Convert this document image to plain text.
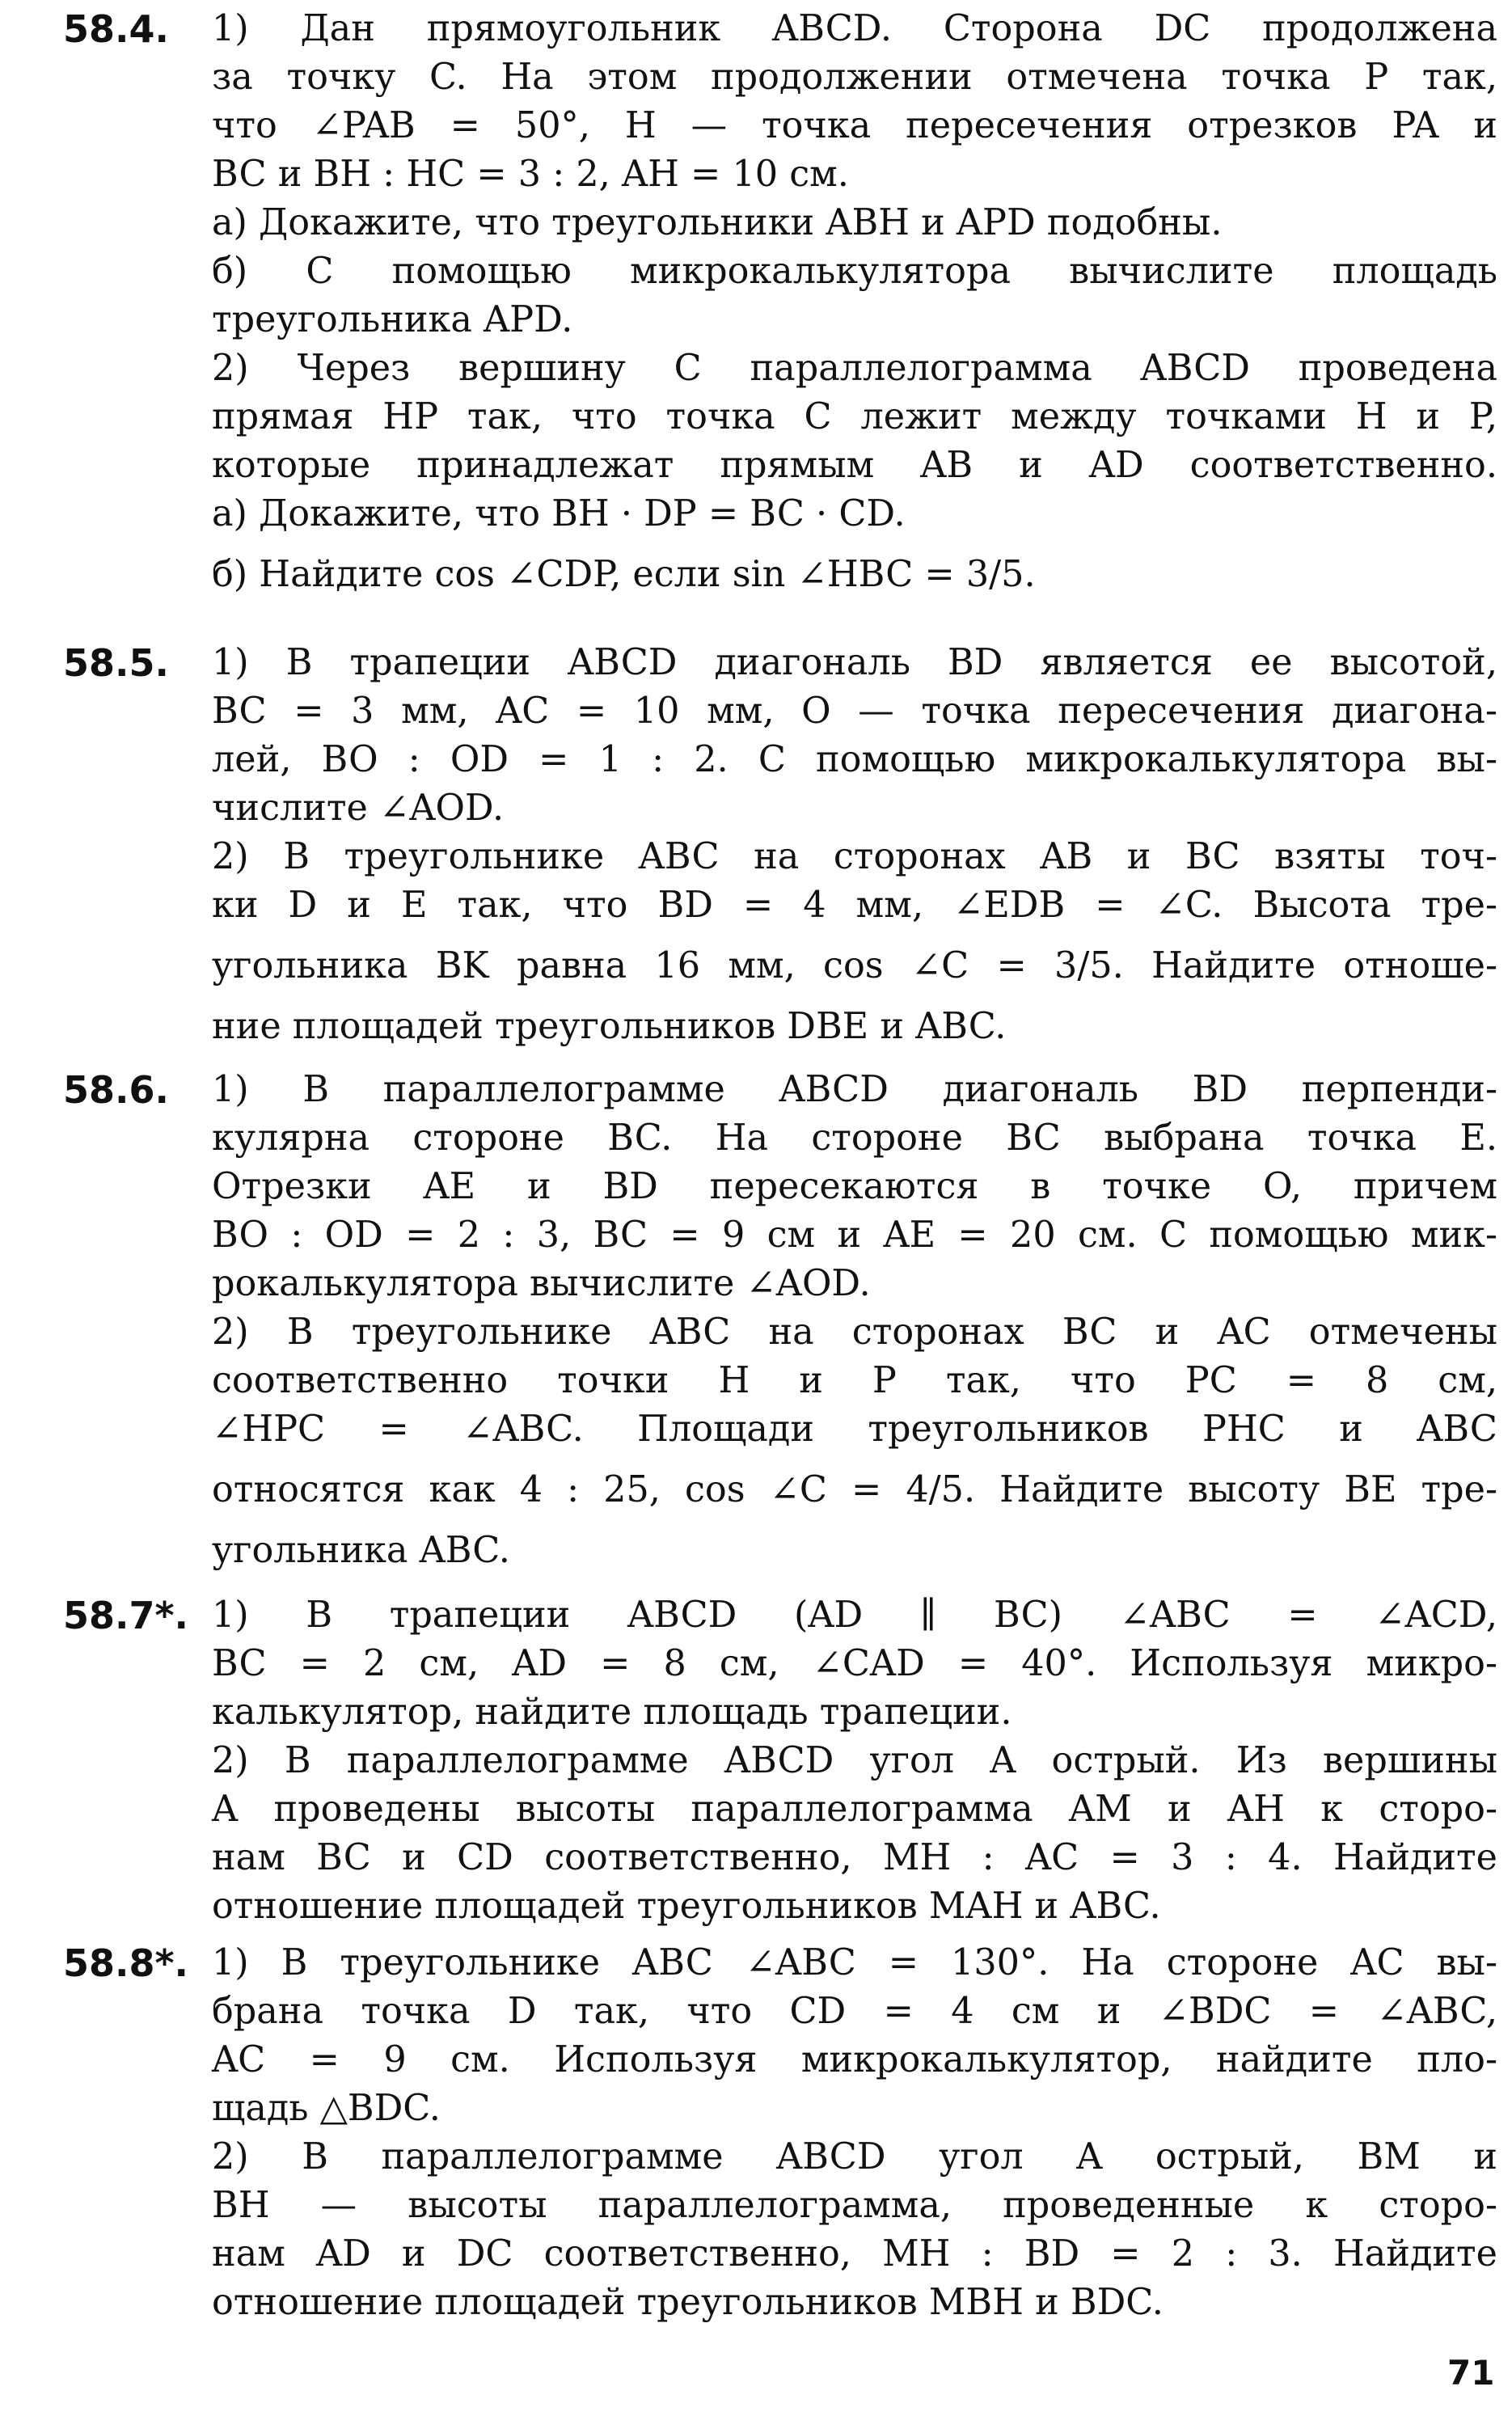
58.4. 1) Дан прямоугольник ABCD. Сторона DC продолжена
за точку C. На этом продолжении отмечена точка P так,
что ∠PAB = 50°, H — точка пересечения отрезков PA и
BC и BH : HC = 3 : 2, AH = 10 см.
а) Докажите, что треугольники ABH и APD подобны.
б) С помощью микрокалькулятора вычислите площадь
треугольника APD.
2) Через вершину C параллелограмма ABCD проведена
прямая HP так, что точка C лежит между точками H и P,
которые принадлежат прямым AB и AD соответственно.
а) Докажите, что BH · DP = BC · CD.
б) Найдите cos ∠CDP, если sin ∠HBC = 3/5.
58.5. 1) В трапеции ABCD диагональ BD является ее высотой,
BC = 3 мм, AC = 10 мм, O — точка пересечения диагона-
лей, BO : OD = 1 : 2. С помощью микрокалькулятора вы-
числите ∠AOD.
2) В треугольнике ABC на сторонах AB и BC взяты точ-
ки D и E так, что BD = 4 мм, ∠EDB = ∠C. Высота тре-
угольника BK равна 16 мм, cos ∠C = 3/5. Найдите отноше-
ние площадей треугольников DBE и ABC.
58.6. 1) В параллелограмме ABCD диагональ BD перпенди-
кулярна стороне BC. На стороне BC выбрана точка E.
Отрезки AE и BD пересекаются в точке O, причем
BO : OD = 2 : 3, BC = 9 см и AE = 20 см. С помощью мик-
рокалькулятора вычислите ∠AOD.
2) В треугольнике ABC на сторонах BC и AC отмечены
соответственно точки H и P так, что PC = 8 см,
∠HPC = ∠ABC. Площади треугольников PHC и ABC
относятся как 4 : 25, cos ∠C = 4/5. Найдите высоту BE тре-
угольника ABC.
58.7*. 1) В трапеции ABCD (AD ∥ BC) ∠ABC = ∠ACD,
BC = 2 см, AD = 8 см, ∠CAD = 40°. Используя микро-
калькулятор, найдите площадь трапеции.
2) В параллелограмме ABCD угол A острый. Из вершины
A проведены высоты параллелограмма AM и AH к сторо-
нам BC и CD соответственно, MH : AC = 3 : 4. Найдите
отношение площадей треугольников MAH и ABC.
58.8*. 1) В треугольнике ABC ∠ABC = 130°. На стороне AC вы-
брана точка D так, что CD = 4 см и ∠BDC = ∠ABC,
AC = 9 см. Используя микрокалькулятор, найдите пло-
щадь △BDC.
2) В параллелограмме ABCD угол A острый, BM и
BH — высоты параллелограмма, проведенные к сторо-
нам AD и DC соответственно, MH : BD = 2 : 3. Найдите
отношение площадей треугольников MBH и BDC.
71
